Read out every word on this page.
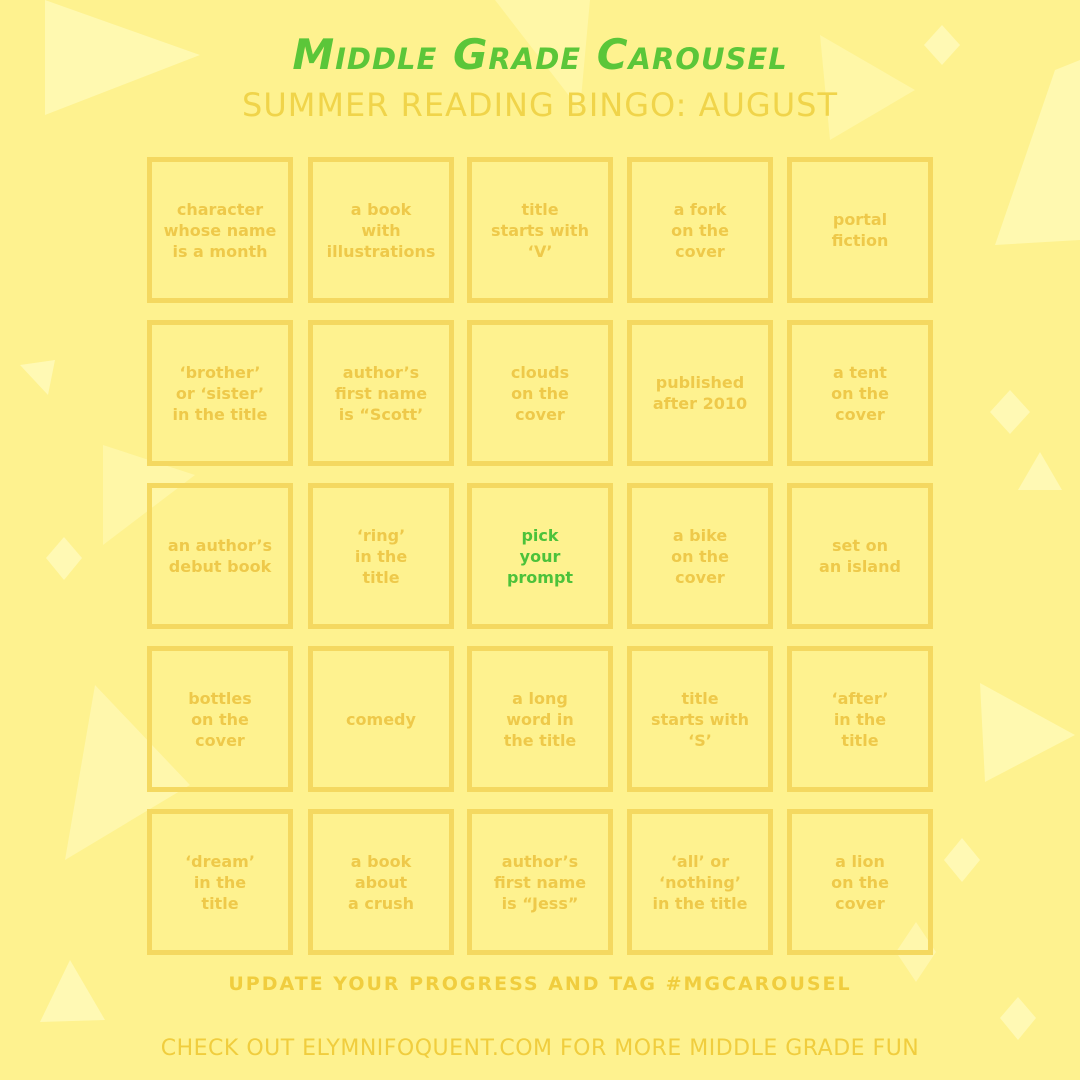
Middle Grade Carousel
SUMMER READING BINGO: AUGUST
character
whose name
is a month
a book
with
illustrations
title
starts with
‘V’
a fork
on the
cover
portal
fiction
‘brother’
or ‘sister’
in the title
author’s
first name
is “Scott’
clouds
on the
cover
published
after 2010
a tent
on the
cover
an author’s
debut book
‘ring’
in the
title
pick
your
prompt
a bike
on the
cover
set on
an island
bottles
on the
cover
comedy
a long
word in
the title
title
starts with
‘S’
‘after’
in the
title
‘dream’
in the
title
a book
about
a crush
author’s
first name
is “Jess”
‘all’ or
‘nothing’
in the title
a lion
on the
cover
UPDATE YOUR PROGRESS AND TAG #MGCAROUSEL
CHECK OUT ELYMNIFOQUENT.COM FOR MORE MIDDLE GRADE FUN
